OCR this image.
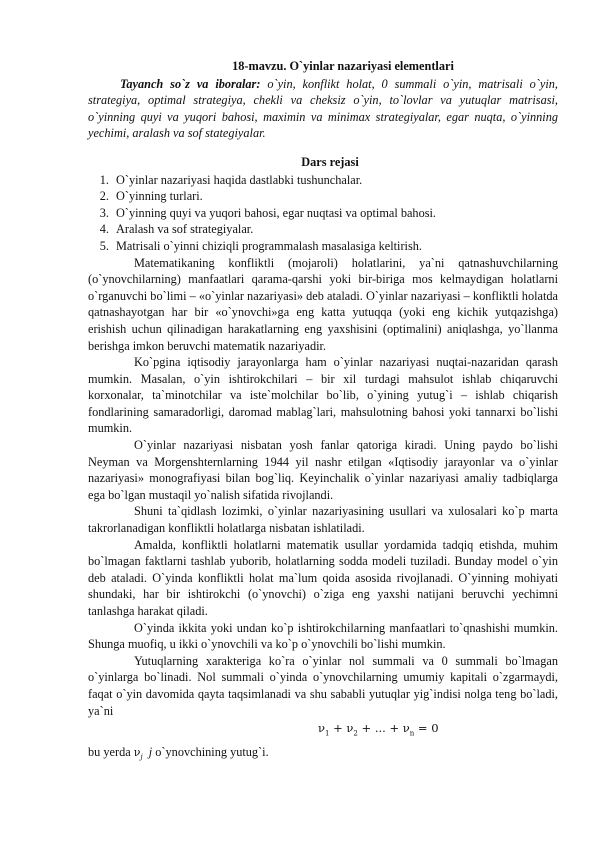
18-mavzu. O`yinlar nazariyasi elementlari

Tayanch so`z va iboralar: o`yin, konflikt holat, 0 summali o`yin, matrisali o`yin, strategiya, optimal strategiya, chekli va cheksiz o`yin, to`lovlar va yutuqlar matrisasi, o`yinning quyi va yuqori bahosi, maximin va minimax strategiyalar, egar nuqta, o`yinning yechimi, aralash va sof stategiyalar.

Dars rejasi
1. O`yinlar nazariyasi haqida dastlabki tushunchalar.
2. O`yinning turlari.
3. O`yinning quyi va yuqori bahosi, egar nuqtasi va optimal bahosi.
4. Aralash va sof strategiyalar.
5. Matrisali o`yinni chiziqli programmalash masalasiga keltirish.

Matematikaning konfliktli (mojaroli) holatlarini, ya`ni qatnashuvchilarning (o`ynovchilarning) manfaatlari qarama-qarshi yoki bir-biriga mos kelmaydigan holatlarni o`rganuvchi bo`limi – «o`yinlar nazariyasi» deb ataladi. O`yinlar nazariyasi – konfliktli holatda qatnashayotgan har bir «o`ynovchi»ga eng katta yutuqqa (yoki eng kichik yutqazishga) erishish uchun qilinadigan harakatlarning eng yaxshisini (optimalini) aniqlashga, yo`llanma berishga imkon beruvchi matematik nazariyadir.

Ko`pgina iqtisodiy jarayonlarga ham o`yinlar nazariyasi nuqtai-nazaridan qarash mumkin. Masalan, o`yin ishtirokchilari – bir xil turdagi mahsulot ishlab chiqaruvchi korxonalar, ta`minotchilar va iste`molchilar bo`lib, o`yining yutug`i – ishlab chiqarish fondlarining samaradorligi, daromad mablag`lari, mahsulotning bahosi yoki tannarxi bo`lishi mumkin.

O`yinlar nazariyasi nisbatan yosh fanlar qatoriga kiradi. Uning paydo bo`lishi Neyman va Morgenshternlarning 1944 yil nashr etilgan «Iqtisodiy jarayonlar va o`yinlar nazariyasi» monografiyasi bilan bog`liq. Keyinchalik o`yinlar nazariyasi amaliy tadbiqlarga ega bo`lgan mustaqil yo`nalish sifatida rivojlandi.

Shuni ta`qidlash lozimki, o`yinlar nazariyasining usullari va xulosalari ko`p marta takrorlanadigan konfliktli holatlarga nisbatan ishlatiladi.

Amalda, konfliktli holatlarni matematik usullar yordamida tadqiq etishda, muhim bo`lmagan faktlarni tashlab yuborib, holatlarning sodda modeli tuziladi. Bunday model o`yin deb ataladi. O`yinda konfliktli holat ma`lum qoida asosida rivojlanadi. O`yinning mohiyati shundaki, har bir ishtirokchi (o`ynovchi) o`ziga eng yaxshi natijani beruvchi yechimni tanlashga harakat qiladi.

O`yinda ikkita yoki undan ko`p ishtirokchilarning manfaatlari to`qnashishi mumkin. Shunga muofiq, u ikki o`ynovchili va ko`p o`ynovchili bo`lishi mumkin.

Yutuqlarning xarakteriga ko`ra o`yinlar nol summali va 0 summali bo`lmagan o`yinlarga bo`linadi. Nol summali o`yinda o`ynovchilarning umumiy kapitali o`zgarmaydi, faqat o`yin davomida qayta taqsimlanadi va shu sababli yutuqlar yig`indisi nolga teng bo`ladi, ya`ni

$\nu_1 + \nu_2$ + ... + $\nu_n = 0$

bu yerda $\nu_j$ j o`ynovchining yutug`i.
